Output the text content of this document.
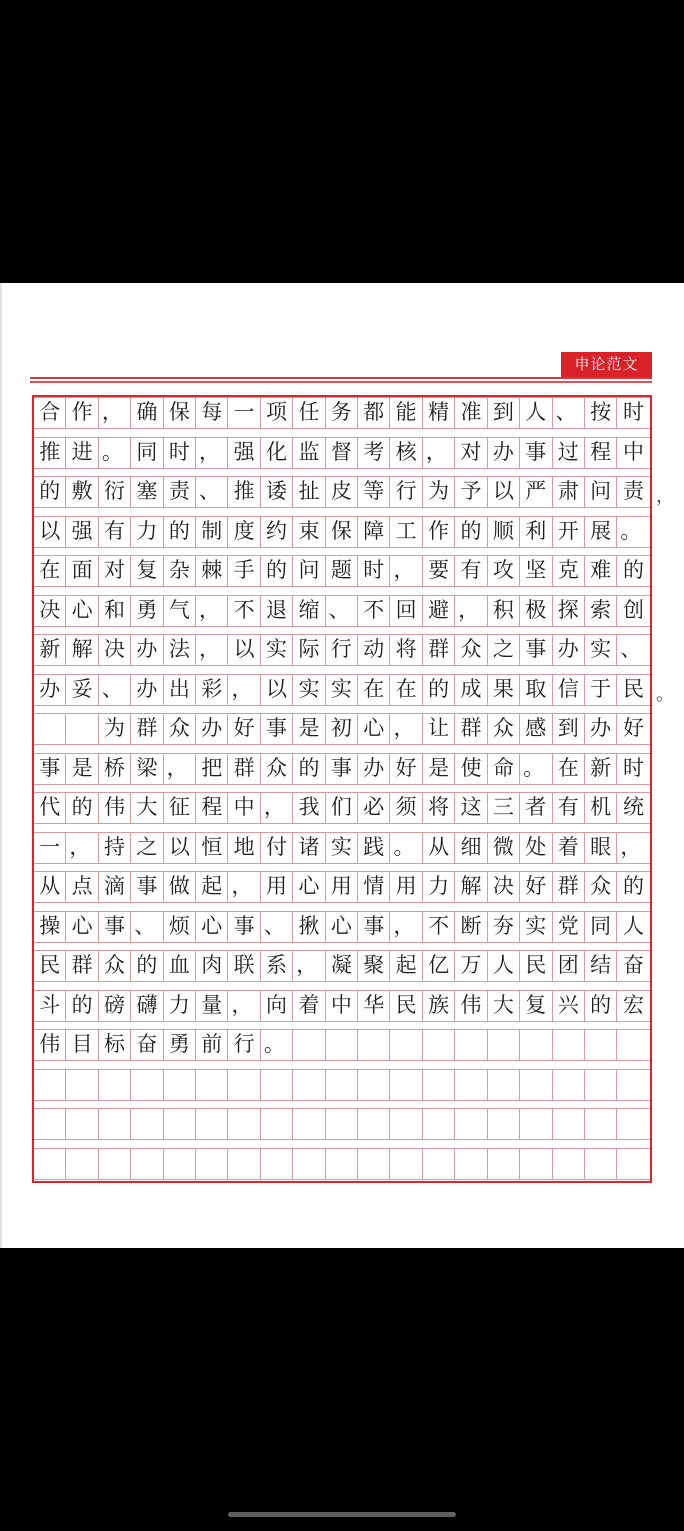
申论范文
合 作 ， 确 保 每 一 项 任 务 都 能 精 准 到 人 、 按 时
推 进 。 同 时 ， 强 化 监 督 考 核 ， 对 办 事 过 程 中
的 敷 衍 塞 责 、 推 诿 扯 皮 等 行 为 予 以 严 肃 问 责
以 强 有 力 的 制 度 约 束 保 障 工 作 的 顺 利 开 展 。
在 面 对 复 杂 棘 手 的 问 题 时 ， 要 有 攻 坚 克 难 的
决 心 和 勇 气 ， 不 退 缩 、 不 回 避 ， 积 极 探 索 创
新 解 决 办 法 ， 以 实 际 行 动 将 群 众 之 事 办 实 、
办 妥 、 办 出 彩 ， 以 实 实 在 在 的 成 果 取 信 于 民
为 群 众 办 好 事 是 初 心 ， 让 群 众 感 到 办 好
事 是 桥 梁 ， 把 群 众 的 事 办 好 是 使 命 。 在 新 时
代 的 伟 大 征 程 中 ， 我 们 必 须 将 这 三 者 有 机 统
一 ， 持 之 以 恒 地 付 诸 实 践 。 从 细 微 处 着 眼 ，
从 点 滴 事 做 起 ， 用 心 用 情 用 力 解 决 好 群 众 的
操 心 事 、 烦 心 事 、 揪 心 事 ， 不 断 夯 实 党 同 人
民 群 众 的 血 肉 联 系 ， 凝 聚 起 亿 万 人 民 团 结 奋
斗 的 磅 礴 力 量 ， 向 着 中 华 民 族 伟 大 复 兴 的 宏
伟 目 标 奋 勇 前 行 。
，
。
